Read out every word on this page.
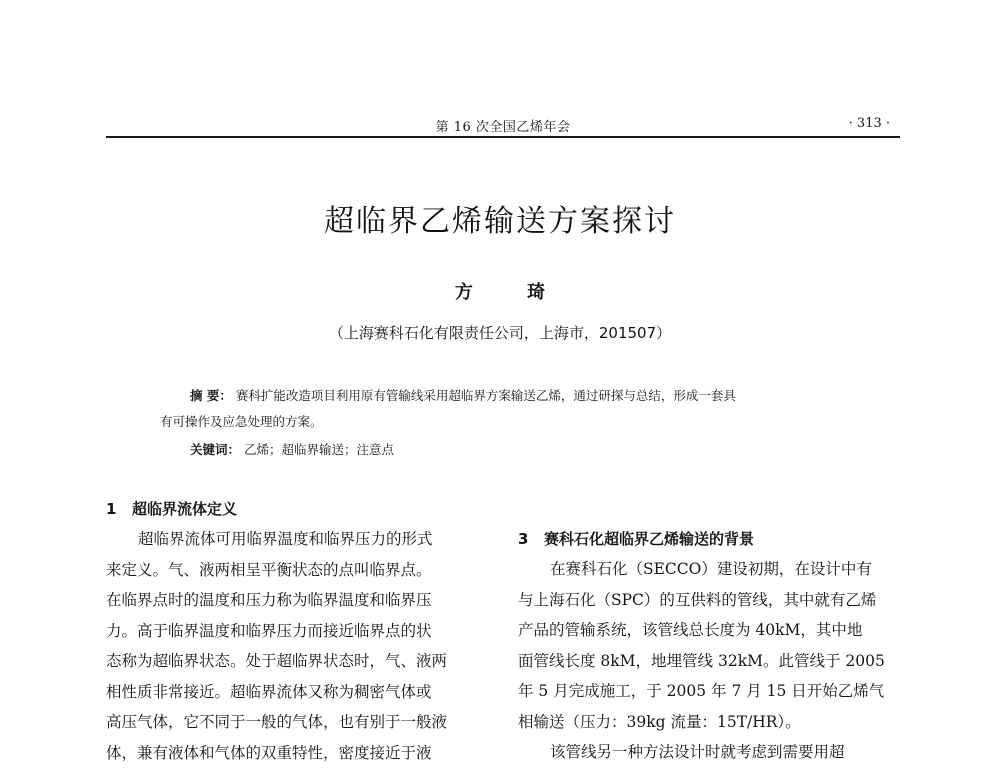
第 16 次全国乙烯年会	· 313 ·
超临界乙烯输送方案探讨
方 琦
（上海赛科石化有限责任公司，上海市，201507）
摘 要： 赛科扩能改造项目利用原有管输线采用超临界方案输送乙烯，通过研探与总结，形成一套具
有可操作及应急处理的方案。
关键词： 乙烯；超临界输送；注意点
1 超临界流体定义
超临界流体可用临界温度和临界压力的形式
来定义。气、液两相呈平衡状态的点叫临界点。
在临界点时的温度和压力称为临界温度和临界压
力。高于临界温度和临界压力而接近临界点的状
态称为超临界状态。处于超临界状态时，气、液两
相性质非常接近。超临界流体又称为稠密气体或
高压气体，它不同于一般的气体，也有别于一般液
体，兼有液体和气体的双重特性，密度接近于液
3 赛科石化超临界乙烯输送的背景
在赛科石化（SECCO）建设初期，在设计中有
与上海石化（SPC）的互供料的管线，其中就有乙烯
产品的管输系统，该管线总长度为 40kM，其中地
面管线长度 8kM，地埋管线 32kM。此管线于 2005
年 5 月完成施工，于 2005 年 7 月 15 日开始乙烯气
相输送（压力：39kg 流量：15T/HR）。
该管线另一种方法设计时就考虑到需要用超
